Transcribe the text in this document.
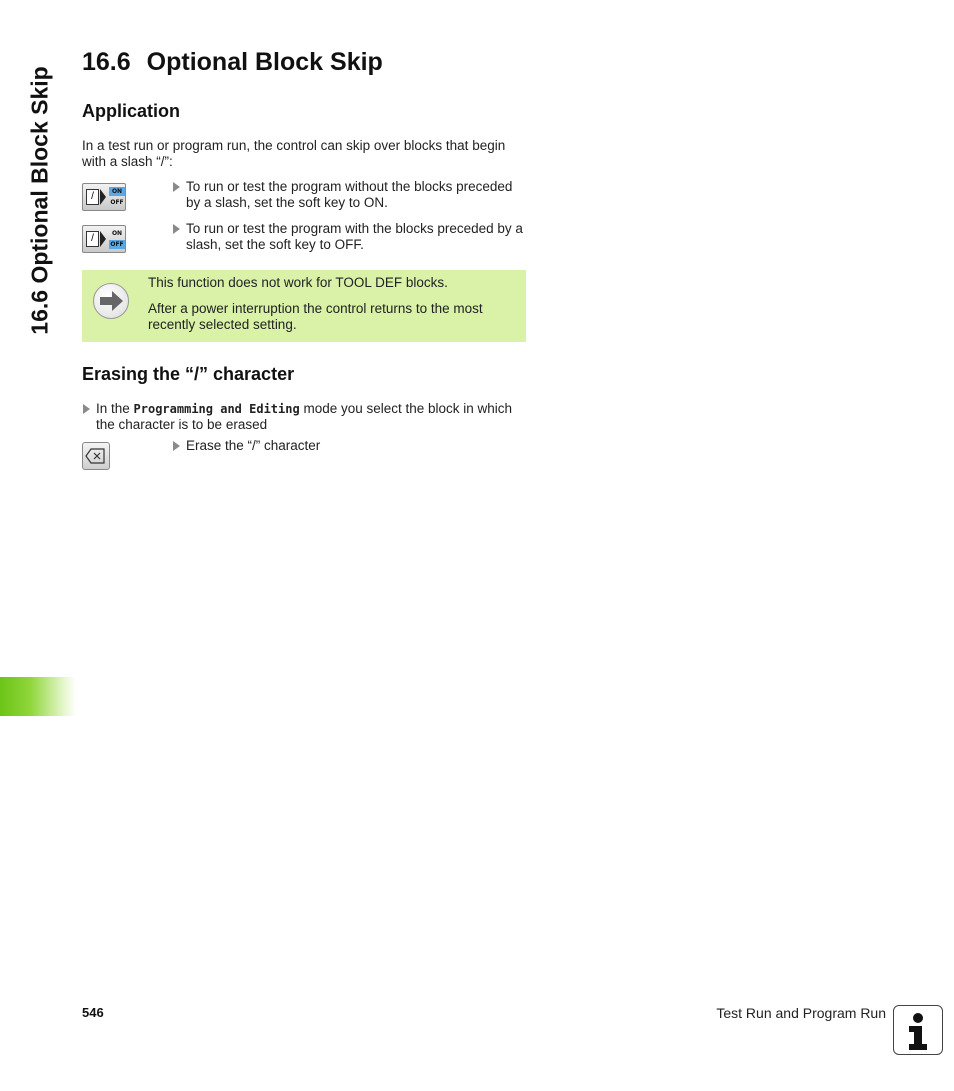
16.6 Optional Block Skip
16.6 Optional Block Skip
Application

In a test run or program run, the control can skip over blocks that begin with a slash “/”:

/	ON
OFF

To run or test the program without the blocks preceded by a slash, set the soft key to ON.

/	ON
OFF

To run or test the program with the blocks preceded by a slash, set the soft key to OFF.

This function does not work for TOOL DEF blocks.

After a power interruption the control returns to the most recently selected setting.

Erasing the “/” character

In the Programming and Editing mode you select the block in which the character is to be erased

Erase the “/” character

546	Test Run and Program Run
